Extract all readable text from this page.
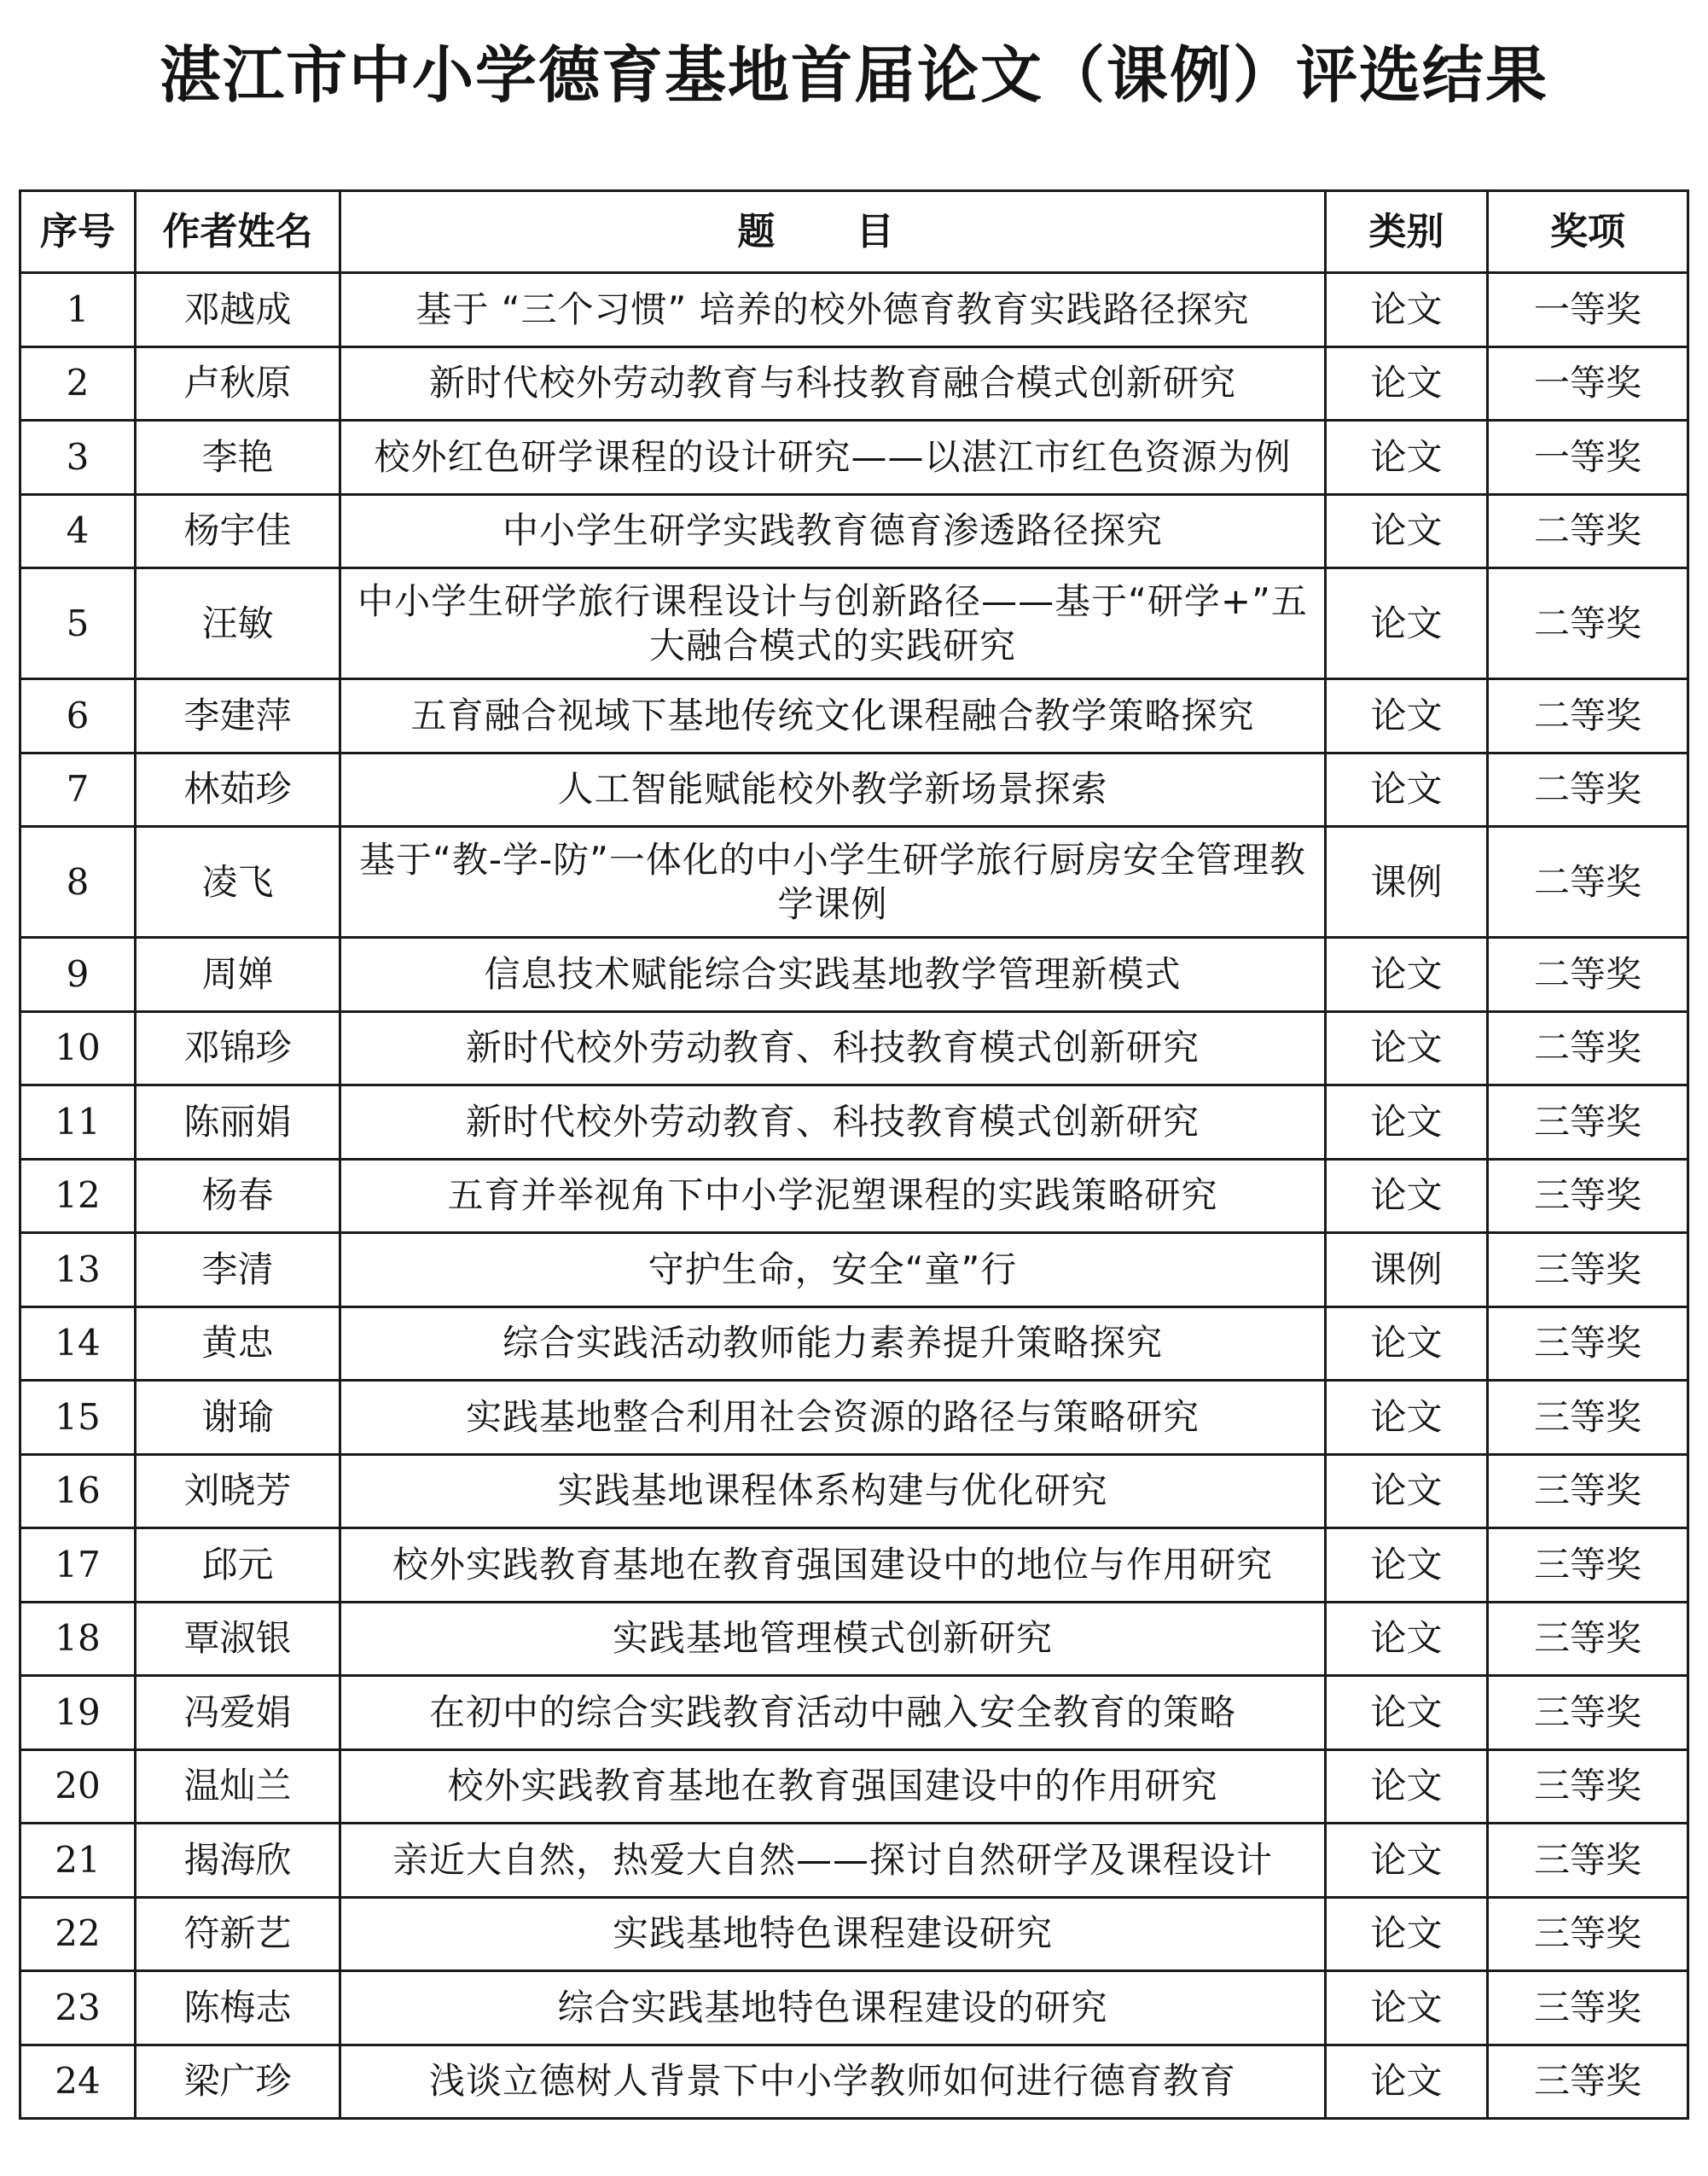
湛江市中小学德育基地首届论文（课例）评选结果
序号	作者姓名	题 目	类别	奖项
1	邓越成	基于 “三个习惯” 培养的校外德育教育实践路径探究	论文	一等奖
2	卢秋原	新时代校外劳动教育与科技教育融合模式创新研究	论文	一等奖
3	李艳	校外红色研学课程的设计研究——以湛江市红色资源为例	论文	一等奖
4	杨宇佳	中小学生研学实践教育德育渗透路径探究	论文	二等奖
5	汪敏	中小学生研学旅行课程设计与创新路径——基于“研学+”五大融合模式的实践研究	论文	二等奖
6	李建萍	五育融合视域下基地传统文化课程融合教学策略探究	论文	二等奖
7	林茹珍	人工智能赋能校外教学新场景探索	论文	二等奖
8	凌飞	基于“教-学-防”一体化的中小学生研学旅行厨房安全管理教学课例	课例	二等奖
9	周婵	信息技术赋能综合实践基地教学管理新模式	论文	二等奖
10	邓锦珍	新时代校外劳动教育、科技教育模式创新研究	论文	二等奖
11	陈丽娟	新时代校外劳动教育、科技教育模式创新研究	论文	三等奖
12	杨春	五育并举视角下中小学泥塑课程的实践策略研究	论文	三等奖
13	李清	守护生命，安全“童”行	课例	三等奖
14	黄忠	综合实践活动教师能力素养提升策略探究	论文	三等奖
15	谢瑜	实践基地整合利用社会资源的路径与策略研究	论文	三等奖
16	刘晓芳	实践基地课程体系构建与优化研究	论文	三等奖
17	邱元	校外实践教育基地在教育强国建设中的地位与作用研究	论文	三等奖
18	覃淑银	实践基地管理模式创新研究	论文	三等奖
19	冯爱娟	在初中的综合实践教育活动中融入安全教育的策略	论文	三等奖
20	温灿兰	校外实践教育基地在教育强国建设中的作用研究	论文	三等奖
21	揭海欣	亲近大自然，热爱大自然——探讨自然研学及课程设计	论文	三等奖
22	符新艺	实践基地特色课程建设研究	论文	三等奖
23	陈梅志	综合实践基地特色课程建设的研究	论文	三等奖
24	梁广珍	浅谈立德树人背景下中小学教师如何进行德育教育	论文	三等奖
